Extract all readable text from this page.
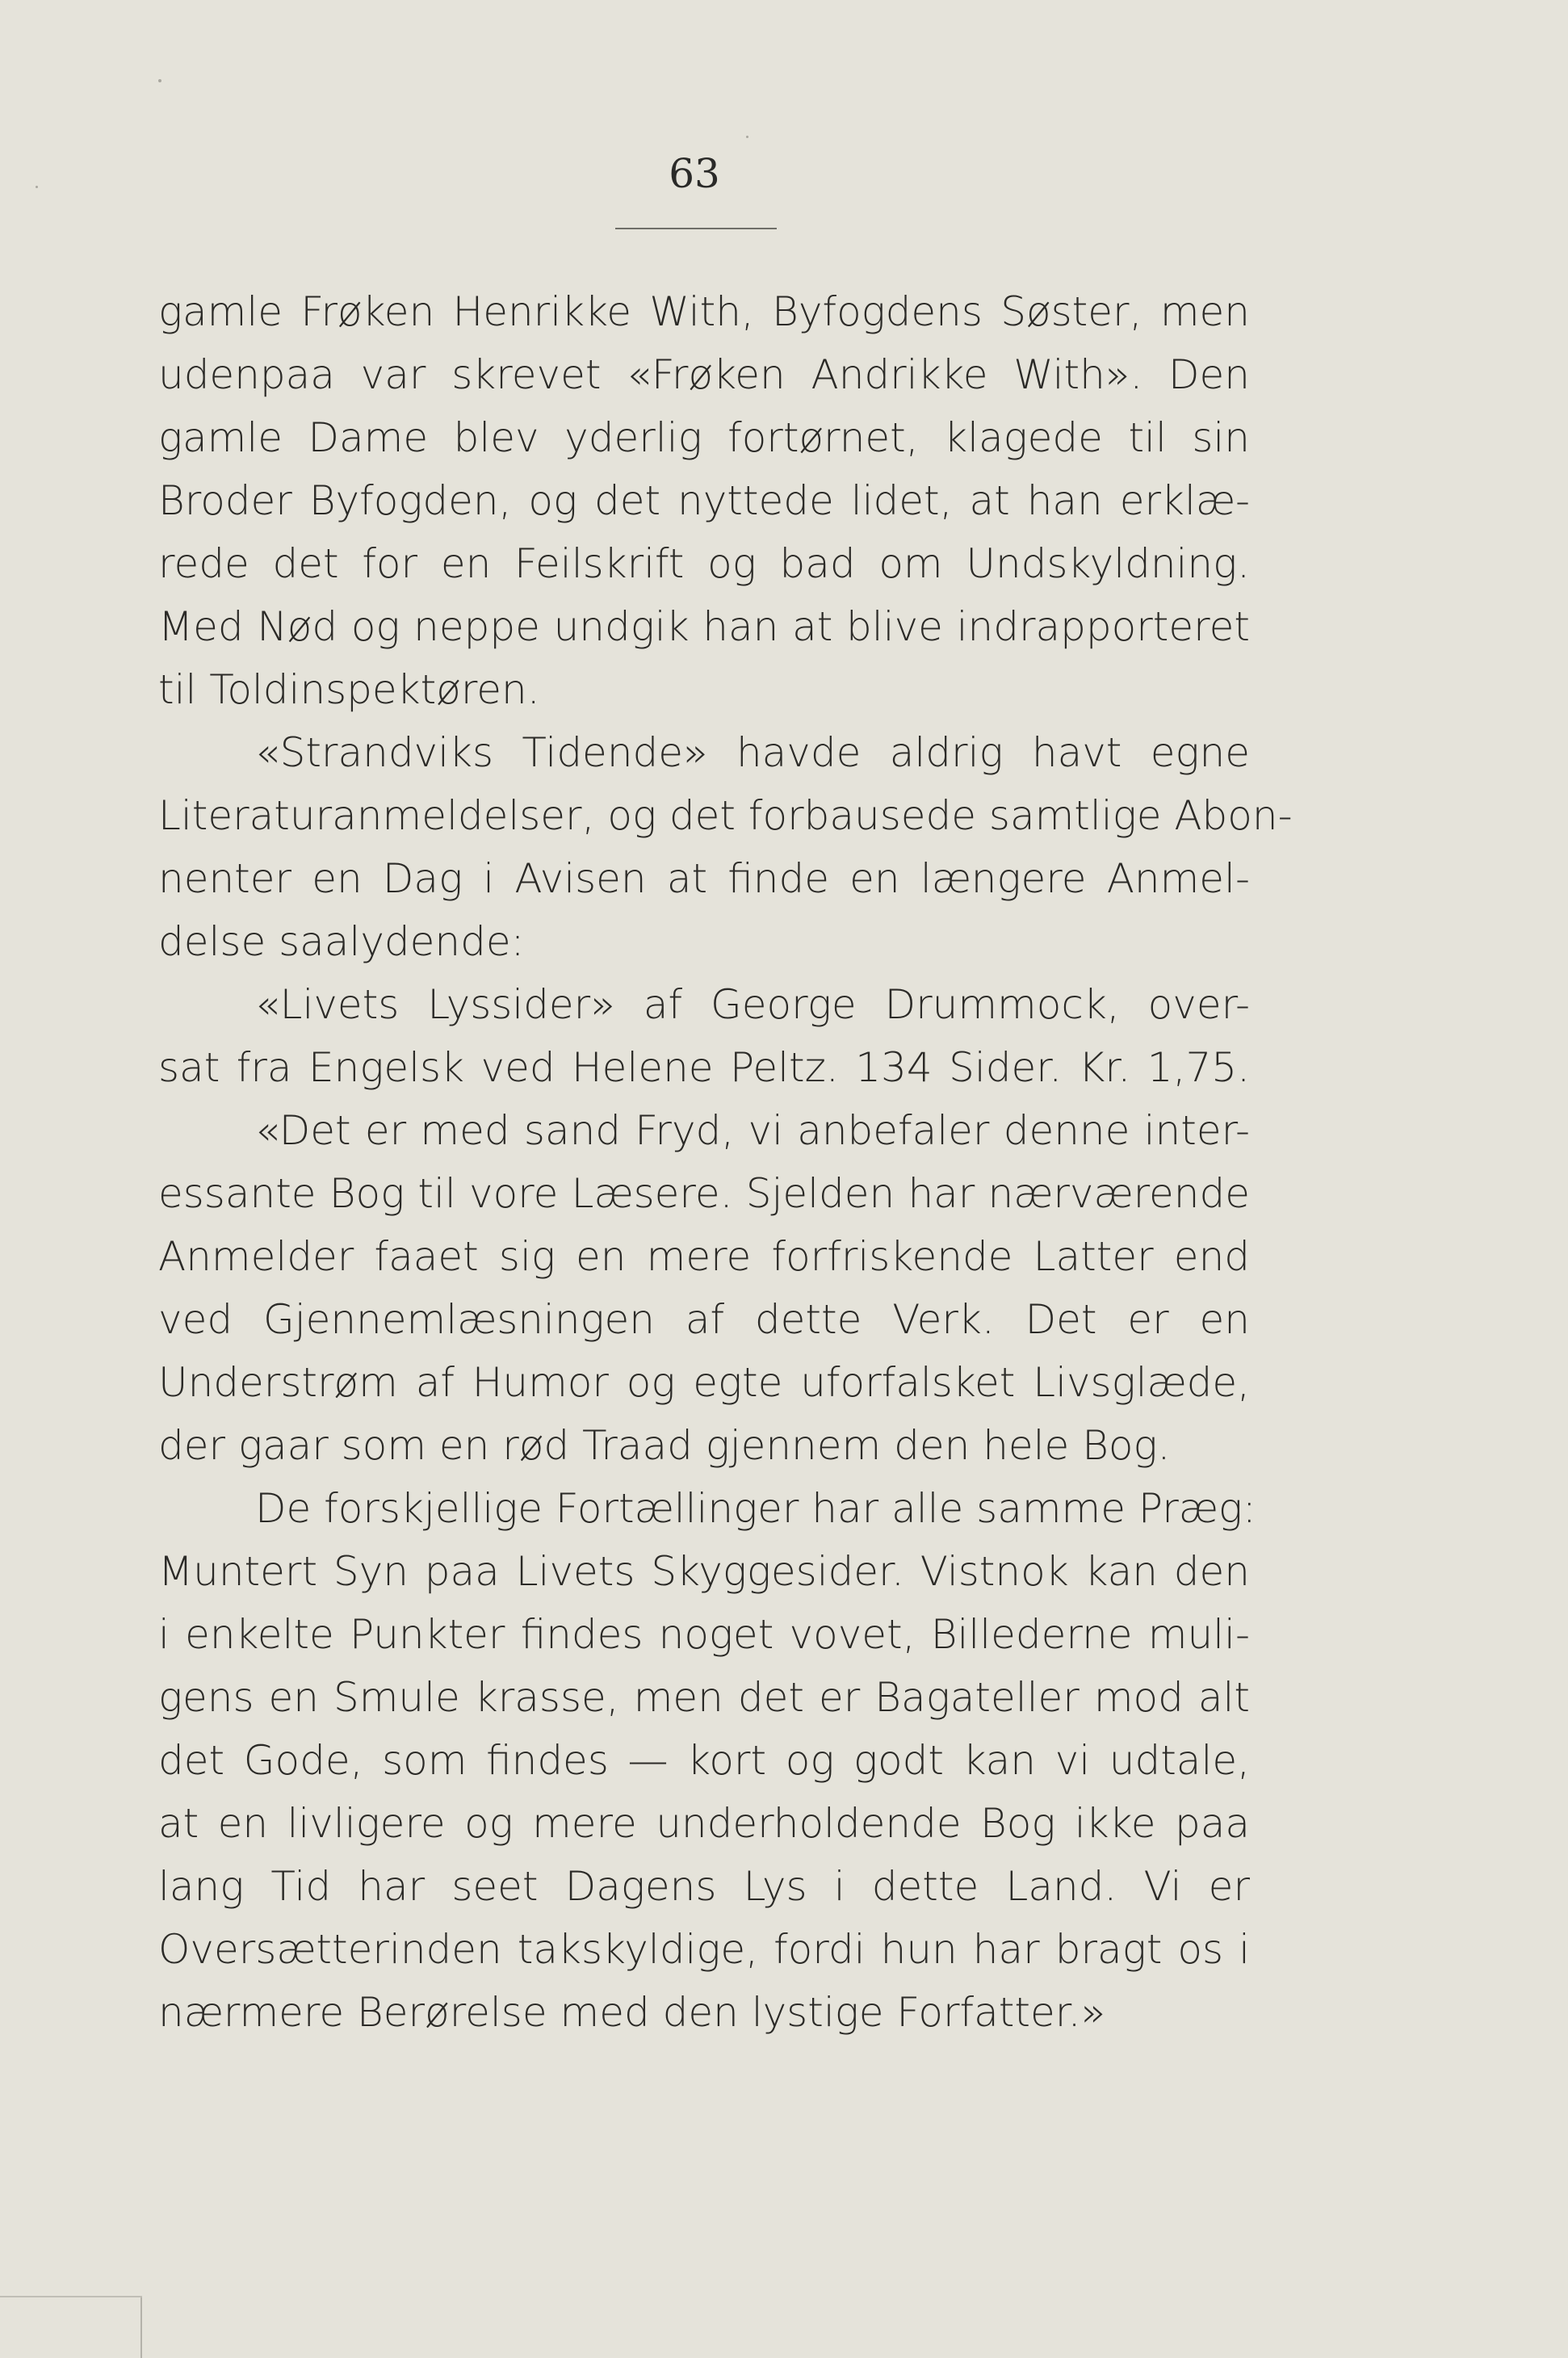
63
gamle Frøken Henrikke With, Byfogdens Søster, men
udenpaa var skrevet «Frøken Andrikke With». Den
gamle Dame blev yderlig fortørnet, klagede til sin
Broder Byfogden, og det nyttede lidet, at han erklæ-
rede det for en Feilskrift og bad om Undskyldning.
Med Nød og neppe undgik han at blive indrapporteret
til Toldinspektøren.
«Strandviks Tidende» havde aldrig havt egne
Literaturanmeldelser, og det forbausede samtlige Abon-
nenter en Dag i Avisen at finde en længere Anmel-
delse saalydende:
«Livets Lyssider» af George Drummock, over-
sat fra Engelsk ved Helene Peltz. 134 Sider. Kr. 1,75.
«Det er med sand Fryd, vi anbefaler denne inter-
essante Bog til vore Læsere. Sjelden har nærværende
Anmelder faaet sig en mere forfriskende Latter end
ved Gjennemlæsningen af dette Verk. Det er en
Understrøm af Humor og egte uforfalsket Livsglæde,
der gaar som en rød Traad gjennem den hele Bog.
De forskjellige Fortællinger har alle samme Præg:
Muntert Syn paa Livets Skyggesider. Vistnok kan den
i enkelte Punkter findes noget vovet, Billederne muli-
gens en Smule krasse, men det er Bagateller mod alt
det Gode, som findes — kort og godt kan vi udtale,
at en livligere og mere underholdende Bog ikke paa
lang Tid har seet Dagens Lys i dette Land. Vi er
Oversætterinden takskyldige, fordi hun har bragt os i
nærmere Berørelse med den lystige Forfatter.»
